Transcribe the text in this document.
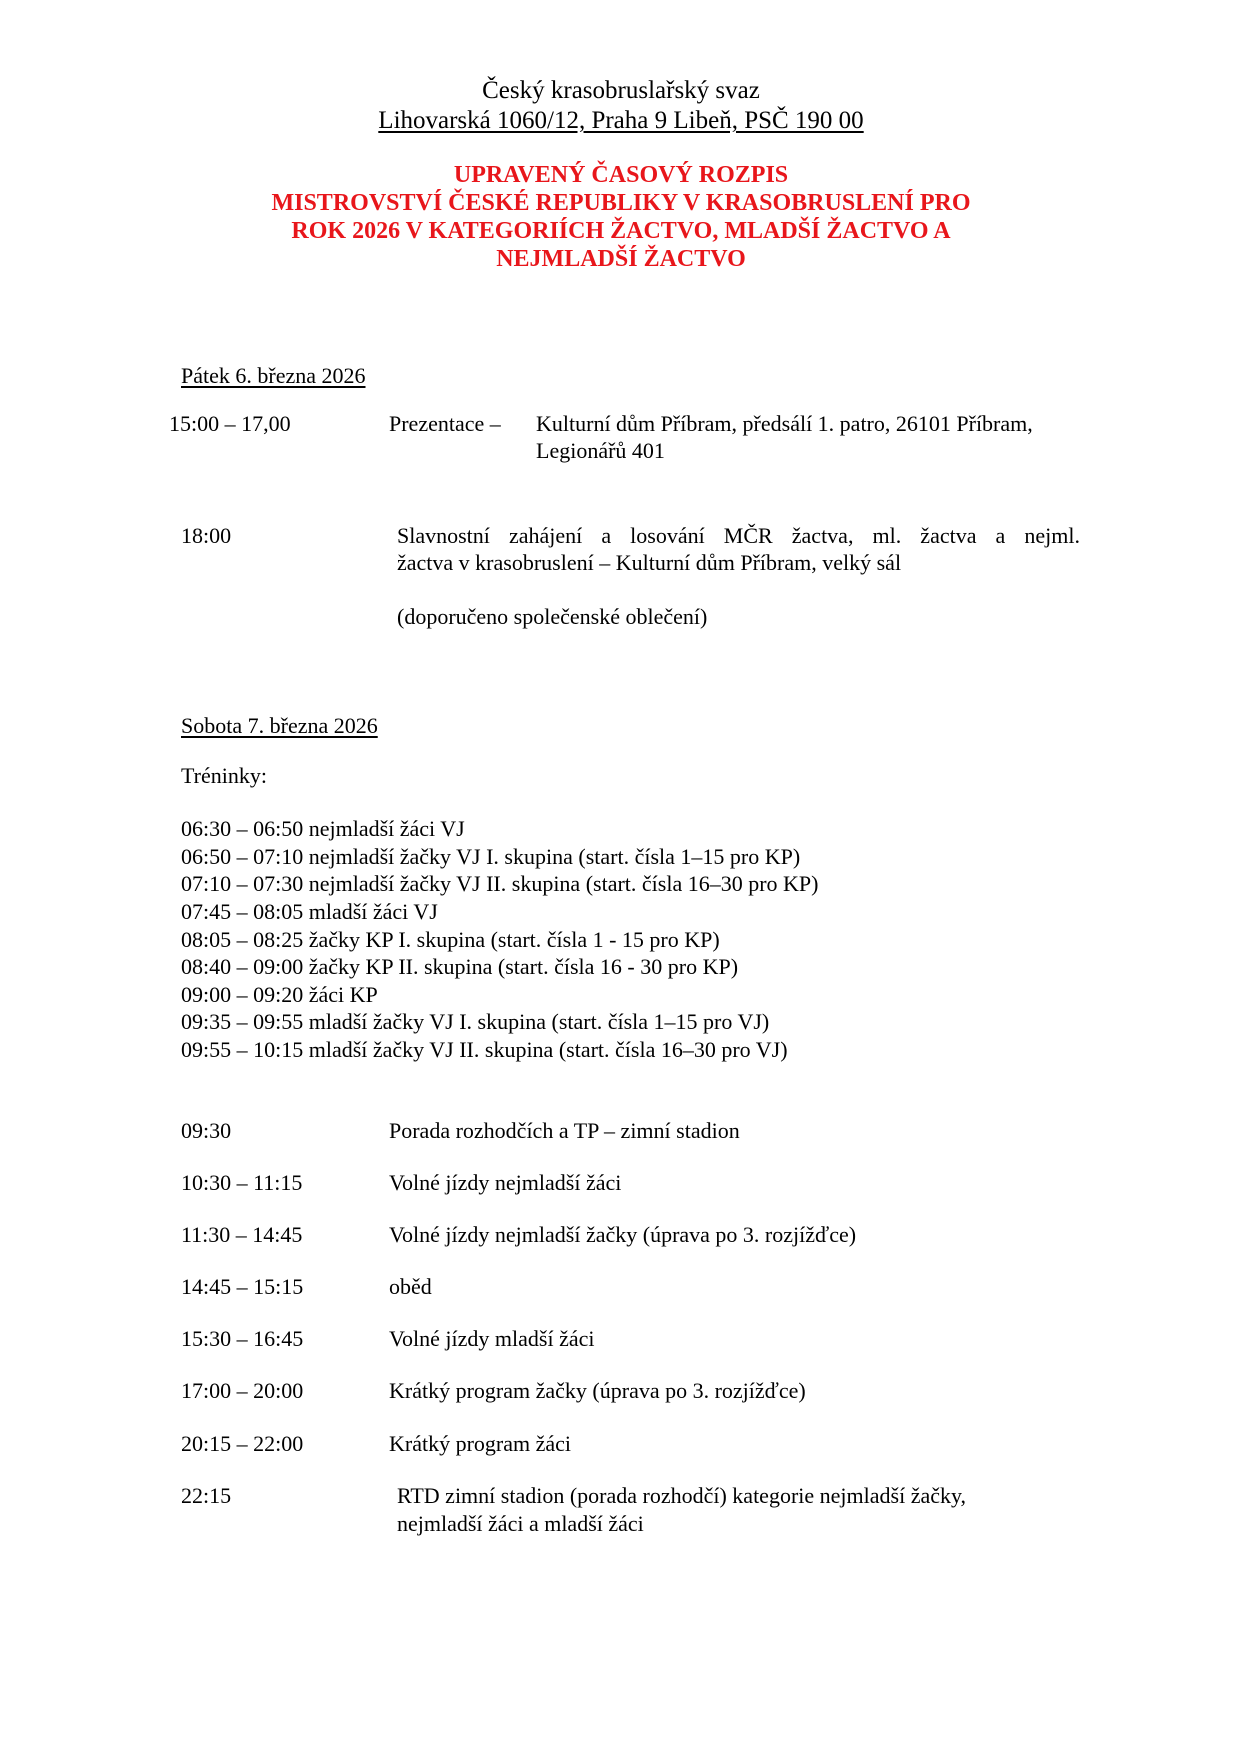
Český krasobruslařský svaz
Lihovarská 1060/12, Praha 9 Libeň, PSČ 190 00
UPRAVENÝ ČASOVÝ ROZPIS
MISTROVSTVÍ ČESKÉ REPUBLIKY V KRASOBRUSLENÍ PRO
ROK 2026 V KATEGORIÍCH ŽACTVO, MLADŠÍ ŽACTVO A
NEJMLADŠÍ ŽACTVO
Pátek 6. března 2026
15:00 – 17,00	Prezentace – Kulturní dům Příbram, předsálí 1. patro, 26101 Příbram,
Legionářů 401
18:00	Slavnostní zahájení a losování MČR žactva, ml. žactva a nejml.
žactva v krasobruslení – Kulturní dům Příbram, velký sál
(doporučeno společenské oblečení)
Sobota 7. března 2026
Tréninky:
06:30 – 06:50 nejmladší žáci VJ
06:50 – 07:10 nejmladší žačky VJ I. skupina (start. čísla 1–15 pro KP)
07:10 – 07:30 nejmladší žačky VJ II. skupina (start. čísla 16–30 pro KP)
07:45 – 08:05 mladší žáci VJ
08:05 – 08:25 žačky KP I. skupina (start. čísla 1 - 15 pro KP)
08:40 – 09:00 žačky KP II. skupina (start. čísla 16 - 30 pro KP)
09:00 – 09:20 žáci KP
09:35 – 09:55 mladší žačky VJ I. skupina (start. čísla 1–15 pro VJ)
09:55 – 10:15 mladší žačky VJ II. skupina (start. čísla 16–30 pro VJ)
09:30	Porada rozhodčích a TP – zimní stadion
10:30 – 11:15	Volné jízdy nejmladší žáci
11:30 – 14:45	Volné jízdy nejmladší žačky (úprava po 3. rozjížďce)
14:45 – 15:15	oběd
15:30 – 16:45	Volné jízdy mladší žáci
17:00 – 20:00	Krátký program žačky (úprava po 3. rozjížďce)
20:15 – 22:00	Krátký program žáci
22:15	RTD zimní stadion (porada rozhodčí) kategorie nejmladší žačky,
nejmladší žáci a mladší žáci
